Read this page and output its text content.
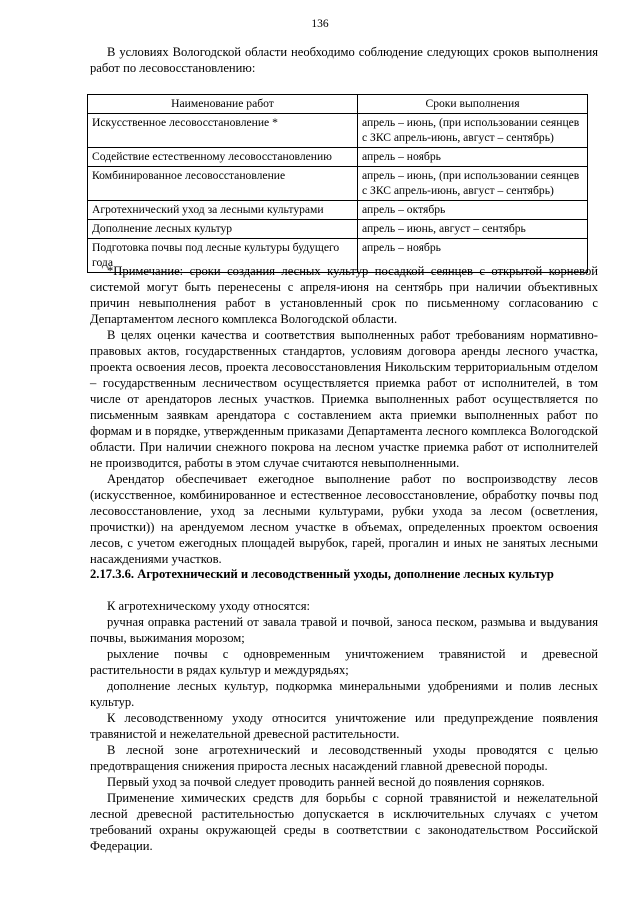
136

В условиях Вологодской области необходимо соблюдение следующих сроков выполнения работ по лесовосстановлению:

Наименование работ	Сроки выполнения
Искусственное лесовосстановление *	апрель – июнь, (при использовании сеянцев с ЗКС апрель-июнь, август – сентябрь)
Содействие естественному лесовосстановлению	апрель – ноябрь
Комбинированное лесовосстановление	апрель – июнь, (при использовании сеянцев с ЗКС апрель-июнь, август – сентябрь)
Агротехнический уход за лесными культурами	апрель – октябрь
Дополнение лесных культур	апрель – июнь, август – сентябрь
Подготовка почвы под лесные культуры будущего года	апрель – ноябрь

*Примечание: сроки создания лесных культур посадкой сеянцев с открытой корневой системой могут быть перенесены с апреля-июня на сентябрь при наличии объективных причин невыполнения работ в установленный срок по письменному согласованию с Департаментом лесного комплекса Вологодской области.

В целях оценки качества и соответствия выполненных работ требованиям нормативно-правовых актов, государственных стандартов, условиям договора аренды лесного участка, проекта освоения лесов, проекта лесовосстановления Никольским территориальным отделом – государственным лесничеством осуществляется приемка работ от исполнителей, в том числе от арендаторов лесных участков. Приемка выполненных работ осуществляется по письменным заявкам арендатора с составлением акта приемки выполненных работ по формам и в порядке, утвержденным приказами Департамента лесного комплекса Вологодской области. При наличии снежного покрова на лесном участке приемка работ от исполнителей не производится, работы в этом случае считаются невыполненными.

Арендатор обеспечивает ежегодное выполнение работ по воспроизводству лесов (искусственное, комбинированное и естественное лесовосстановление, обработку почвы под лесовосстановление, уход за лесными культурами, рубки ухода за лесом (осветления, прочистки)) на арендуемом лесном участке в объемах, определенных проектом освоения лесов, с учетом ежегодных площадей вырубок, гарей, прогалин и иных не занятых лесными насаждениями участков.

2.17.3.6. Агротехнический и лесоводственный уходы, дополнение лесных культур

К агротехническому уходу относятся:

ручная оправка растений от завала травой и почвой, заноса песком, размыва и выдувания почвы, выжимания морозом;

рыхление почвы с одновременным уничтожением травянистой и древесной растительности в рядах культур и междурядьях;

дополнение лесных культур, подкормка минеральными удобрениями и полив лесных культур.

К лесоводственному уходу относится уничтожение или предупреждение появления травянистой и нежелательной древесной растительности.

В лесной зоне агротехнический и лесоводственный уходы проводятся с целью предотвращения снижения прироста лесных насаждений главной древесной породы.

Первый уход за почвой следует проводить ранней весной до появления сорняков.

Применение химических средств для борьбы с сорной травянистой и нежелательной лесной древесной растительностью допускается в исключительных случаях с учетом требований охраны окружающей среды в соответствии с законодательством Российской Федерации.
